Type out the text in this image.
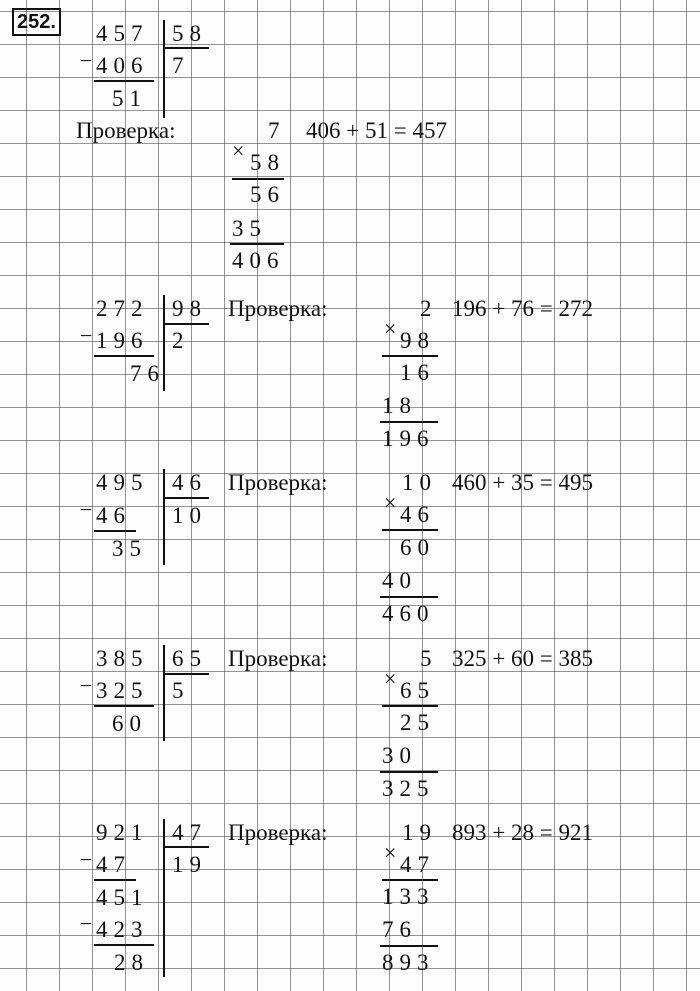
252. 457 58
7
− 406
51
Проверка:	7
× 58
56
35
406
406 + 51 = 457
272 98
2
− 196
76
Проверка:	2
× 98
16
18
196
196 + 76 = 272
495 46
10
− 46
35
Проверка:	10
× 46
60
40
460
460 + 35 = 495
385 65
5
− 325
60
Проверка:	5
× 65
25
30
325
325 + 60 = 385
921 47
19
− 47
451
− 423
28
Проверка:	19
× 47
133
76
893
893 + 28 = 921
